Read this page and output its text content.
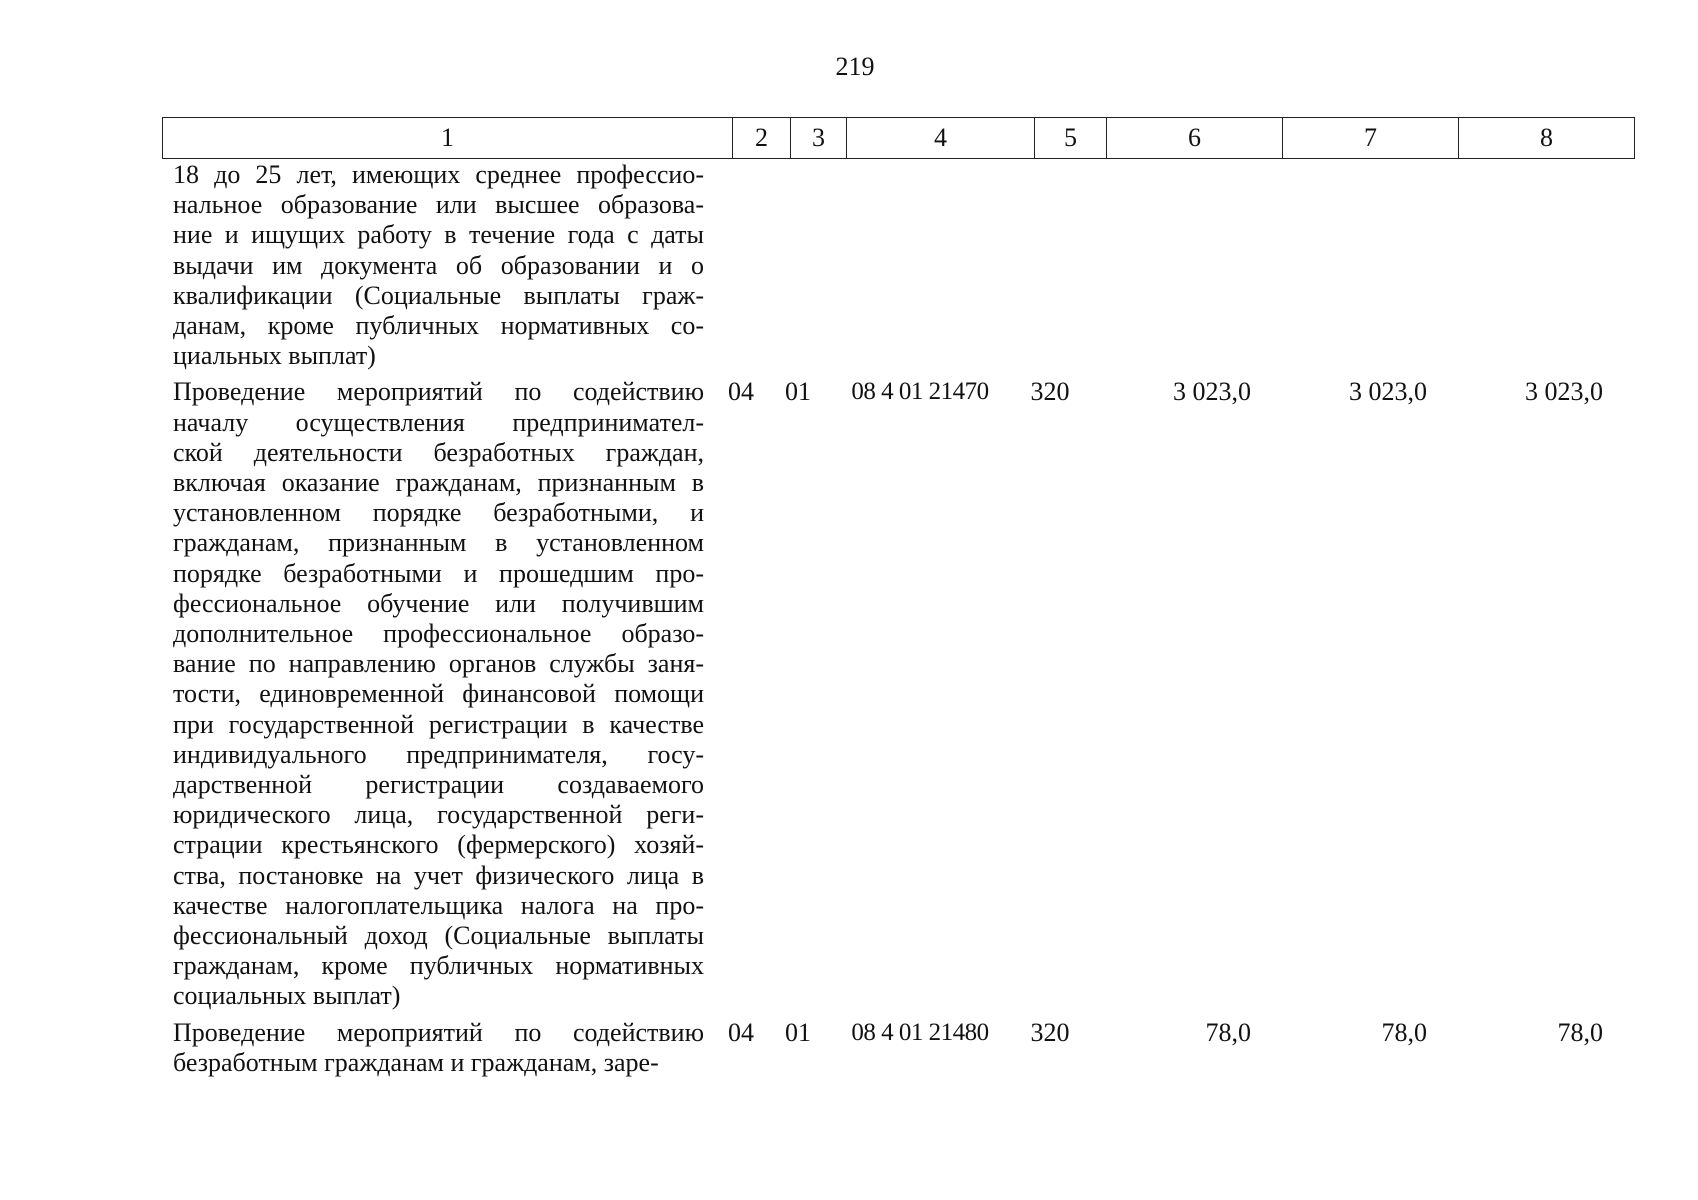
219
1	2	3	4	5	6	7	8
18 до 25 лет, имеющих среднее профессио-
нальное образование или высшее образова-
ние и ищущих работу в течение года с даты
выдачи им документа об образовании и о
квалификации (Социальные выплаты граж-
данам, кроме публичных нормативных со-
циальных выплат)
Проведение мероприятий по содействию
началу осуществления предпринимател-
ской деятельности безработных граждан,
включая оказание гражданам, признанным в
установленном порядке безработными, и
гражданам, признанным в установленном
порядке безработными и прошедшим про-
фессиональное обучение или получившим
дополнительное профессиональное образо-
вание по направлению органов службы заня-
тости, единовременной финансовой помощи
при государственной регистрации в качестве
индивидуального предпринимателя, госу-
дарственной регистрации создаваемого
юридического лица, государственной реги-
страции крестьянского (фермерского) хозяй-
ства, постановке на учет физического лица в
качестве налогоплательщика налога на про-
фессиональный доход (Социальные выплаты
гражданам, кроме публичных нормативных
социальных выплат)
04	01	08 4 01 21470	320	3 023,0	3 023,0	3 023,0
Проведение мероприятий по содействию
безработным гражданам и гражданам, заре-
04	01	08 4 01 21480	320	78,0	78,0	78,0
